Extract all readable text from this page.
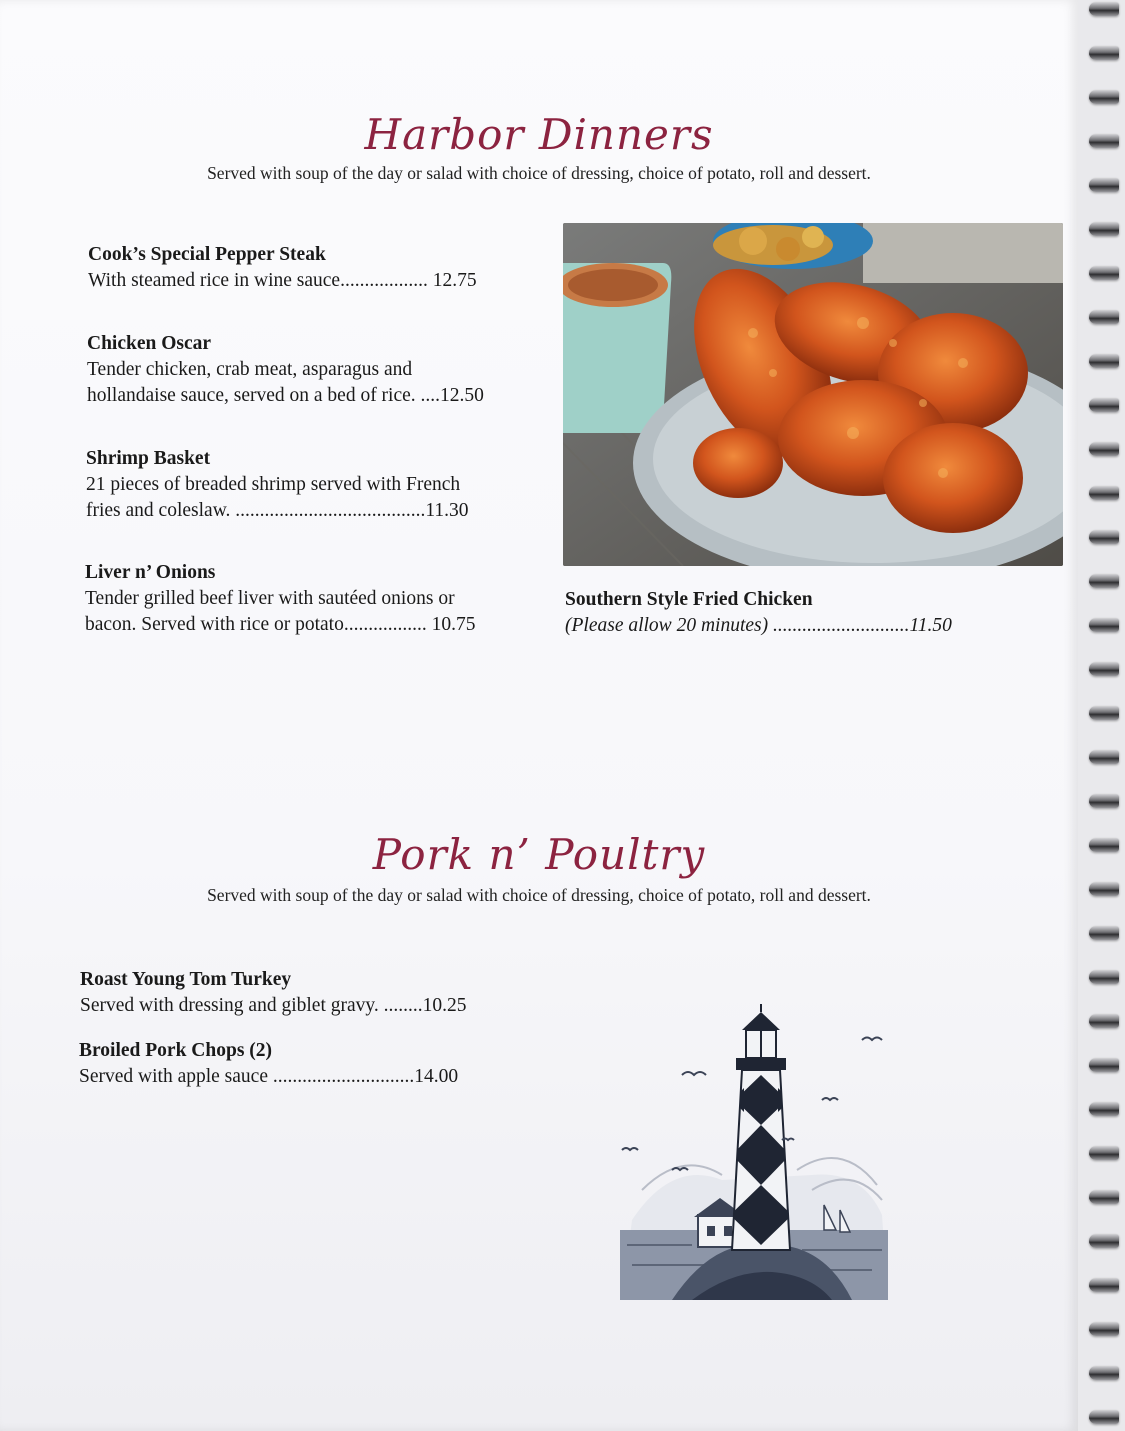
Harbor Dinners

Served with soup of the day or salad with choice of dressing, choice of potato, roll and dessert.

Cook’s Special Pepper Steak
With steamed rice in wine sauce.................. 12.75
Chicken Oscar
Tender chicken, crab meat, asparagus and
hollandaise sauce, served on a bed of rice. ....12.50
Shrimp Basket
21 pieces of breaded shrimp served with French
fries and coleslaw. .......................................11.30
Liver n’ Onions
Tender grilled beef liver with sautéed onions or
bacon. Served with rice or potato................. 10.75
Southern Style Fried Chicken
(Please allow 20 minutes) ............................11.50
Pork n’ Poultry

Served with soup of the day or salad with choice of dressing, choice of potato, roll and dessert.

Roast Young Tom Turkey
Served with dressing and giblet gravy. ........10.25
Broiled Pork Chops (2)
Served with apple sauce .............................14.00
